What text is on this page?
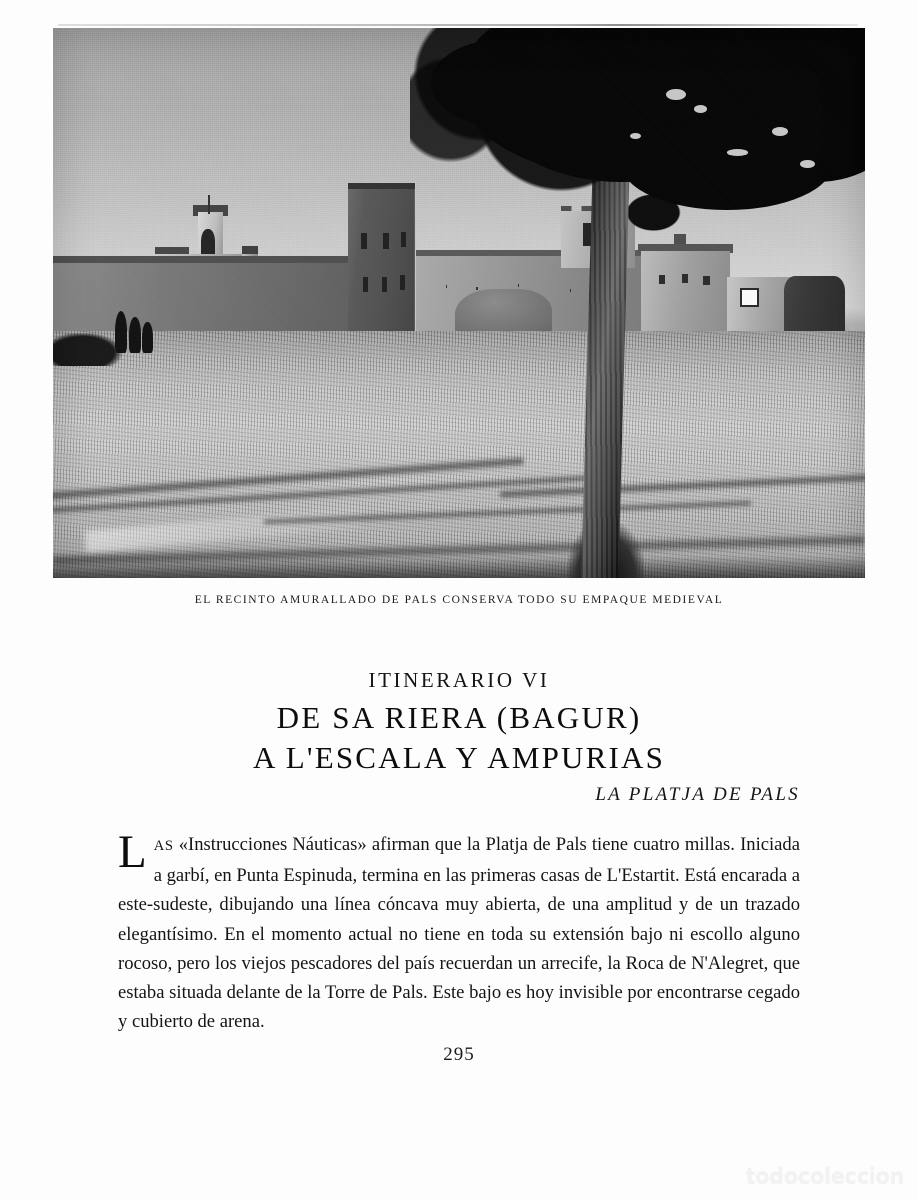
EL RECINTO AMURALLADO DE PALS CONSERVA TODO SU EMPAQUE MEDIEVAL
ITINERARIO VI
DE SA RIERA (BAGUR)
A L'ESCALA Y AMPURIAS
LA PLATJA DE PALS
LAS «Instrucciones Náuticas» afirman que la Platja de Pals tiene cuatro millas. Iniciada a garbí, en Punta Espinuda, termina en las primeras casas de L'Estartit. Está encarada a este-sudeste, dibujando una línea cóncava muy abierta, de una amplitud y de un trazado elegantísimo. En el momento actual no tiene en toda su extensión bajo ni escollo alguno rocoso, pero los viejos pescadores del país recuerdan un arrecife, la Roca de N'Alegret, que estaba situada delante de la Torre de Pals. Este bajo es hoy invisible por encontrarse cegado y cubierto de arena.
295
todocoleccion
